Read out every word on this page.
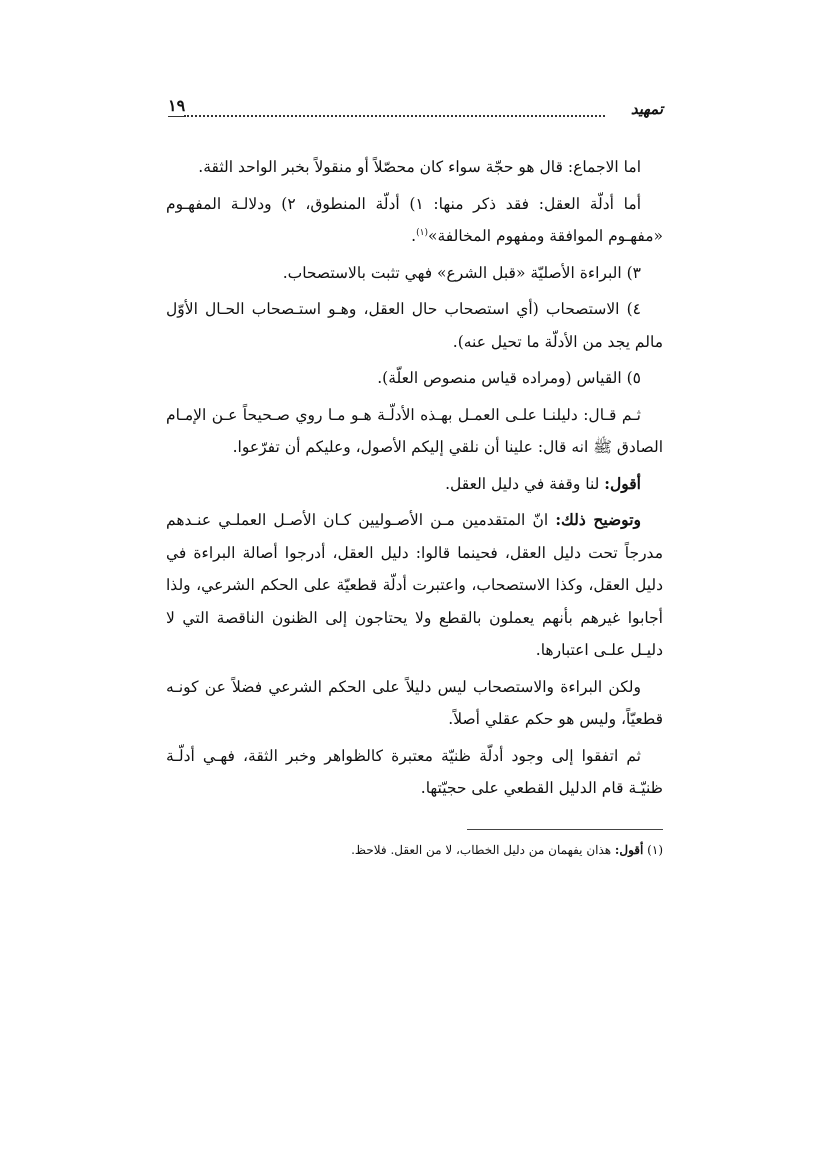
تمهيد
١٩

اما الاجماع: قال هو حجّة سواء كان محصّلاً أو منقولاً بخبر الواحد الثقة.

أما أدلّة العقل: فقد ذكر منها: ١) أدلّة المنطوق، ٢) ودلالـة المفهـوم «مفهـوم الموافقة ومفهوم المخالفة»$^{(١)}$.

٣) البراءة الأصليّة «قبل الشرع» فهي تثبت بالاستصحاب.

٤) الاستصحاب (أي استصحاب حال العقل، وهـو استـصحاب الحـال الأوّل مالم يجد من الأدلّة ما تحيل عنه).

٥) القياس (ومراده قياس منصوص العلّة).

ثـم قـال: دليلنـا علـى العمـل بهـذه الأدلّـة هـو مـا روي صـحيحاً عـن الإمـام الصادق ﷺ انه قال: علينا أن نلقي إليكم الأصول، وعليكم أن تفرّعوا.

أقول: لنا وقفة في دليل العقل.

وتوضيح ذلك: انّ المتقدمين مـن الأصـوليين كـان الأصـل العملـي عنـدهم مدرجاً تحت دليل العقل، فحينما قالوا: دليل العقل، أدرجوا أصالة البراءة في دليل العقل، وكذا الاستصحاب، واعتبرت أدلّة قطعيّة على الحكم الشرعي، ولذا أجابوا غيرهم بأنهم يعملون بالقطع ولا يحتاجون إلى الظنون الناقصة التي لا دليـل علـى اعتبارها.

ولكن البراءة والاستصحاب ليس دليلاً على الحكم الشرعي فضلاً عن كونـه قطعيّاً، وليس هو حكم عقلي أصلاً.

ثم اتفقوا إلى وجود أدلّة ظنيّة معتبرة كالظواهر وخبر الثقة، فهـي أدلّـة ظنيّـة قام الدليل القطعي على حجيّتها.

(١) أقول: هذان يفهمان من دليل الخطاب، لا من العقل. فلاحظ.
